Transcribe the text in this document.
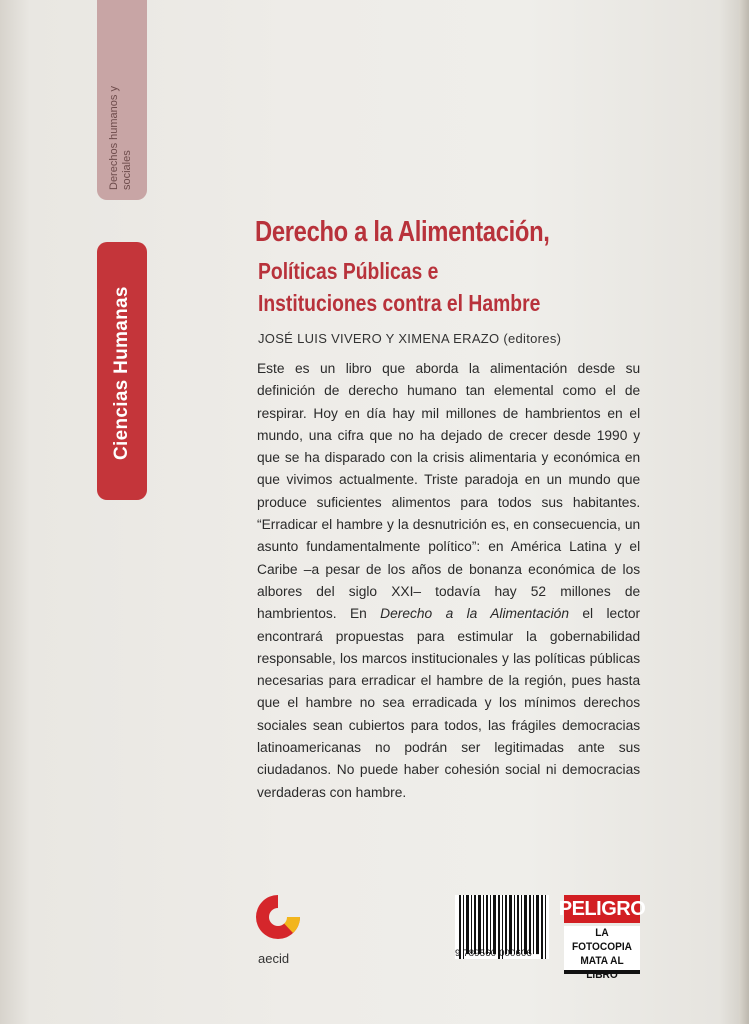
Derechos humanos y sociales
Ciencias Humanas
Derecho a la Alimentación,
Políticas Públicas e
Instituciones contra el Hambre
JOSÉ LUIS VIVERO Y XIMENA ERAZO (editores)
Este es un libro que aborda la alimentación desde su definición de derecho humano tan elemental como el de respirar. Hoy en día hay mil millones de hambrientos en el mundo, una cifra que no ha dejado de crecer desde 1990 y que se ha disparado con la crisis alimentaria y económica en que vivimos actualmente. Triste paradoja en un mundo que produce suficientes alimentos para todos sus habitantes. “Erradicar el hambre y la desnutrición es, en consecuencia, un asunto fundamentalmente político”: en América Latina y el Caribe –a pesar de los años de bonanza económica de los albores del siglo XXI– todavía hay 52 millones de hambrientos. En Derecho a la Alimentación el lector encontrará propuestas para estimular la gobernabilidad responsable, los marcos institucionales y las políticas públicas necesarias para erradicar el hambre de la región, pues hasta que el hambre no sea erradicada y los mínimos derechos sociales sean cubiertos para todos, las frágiles democracias latinoamericanas no podrán ser legitimadas ante sus ciudadanos. No puede haber cohesión social ni democracias verdaderas con hambre.
aecid	9 789560 000606
PELIGRO
LA FOTOCOPIA
MATA AL LIBRO
